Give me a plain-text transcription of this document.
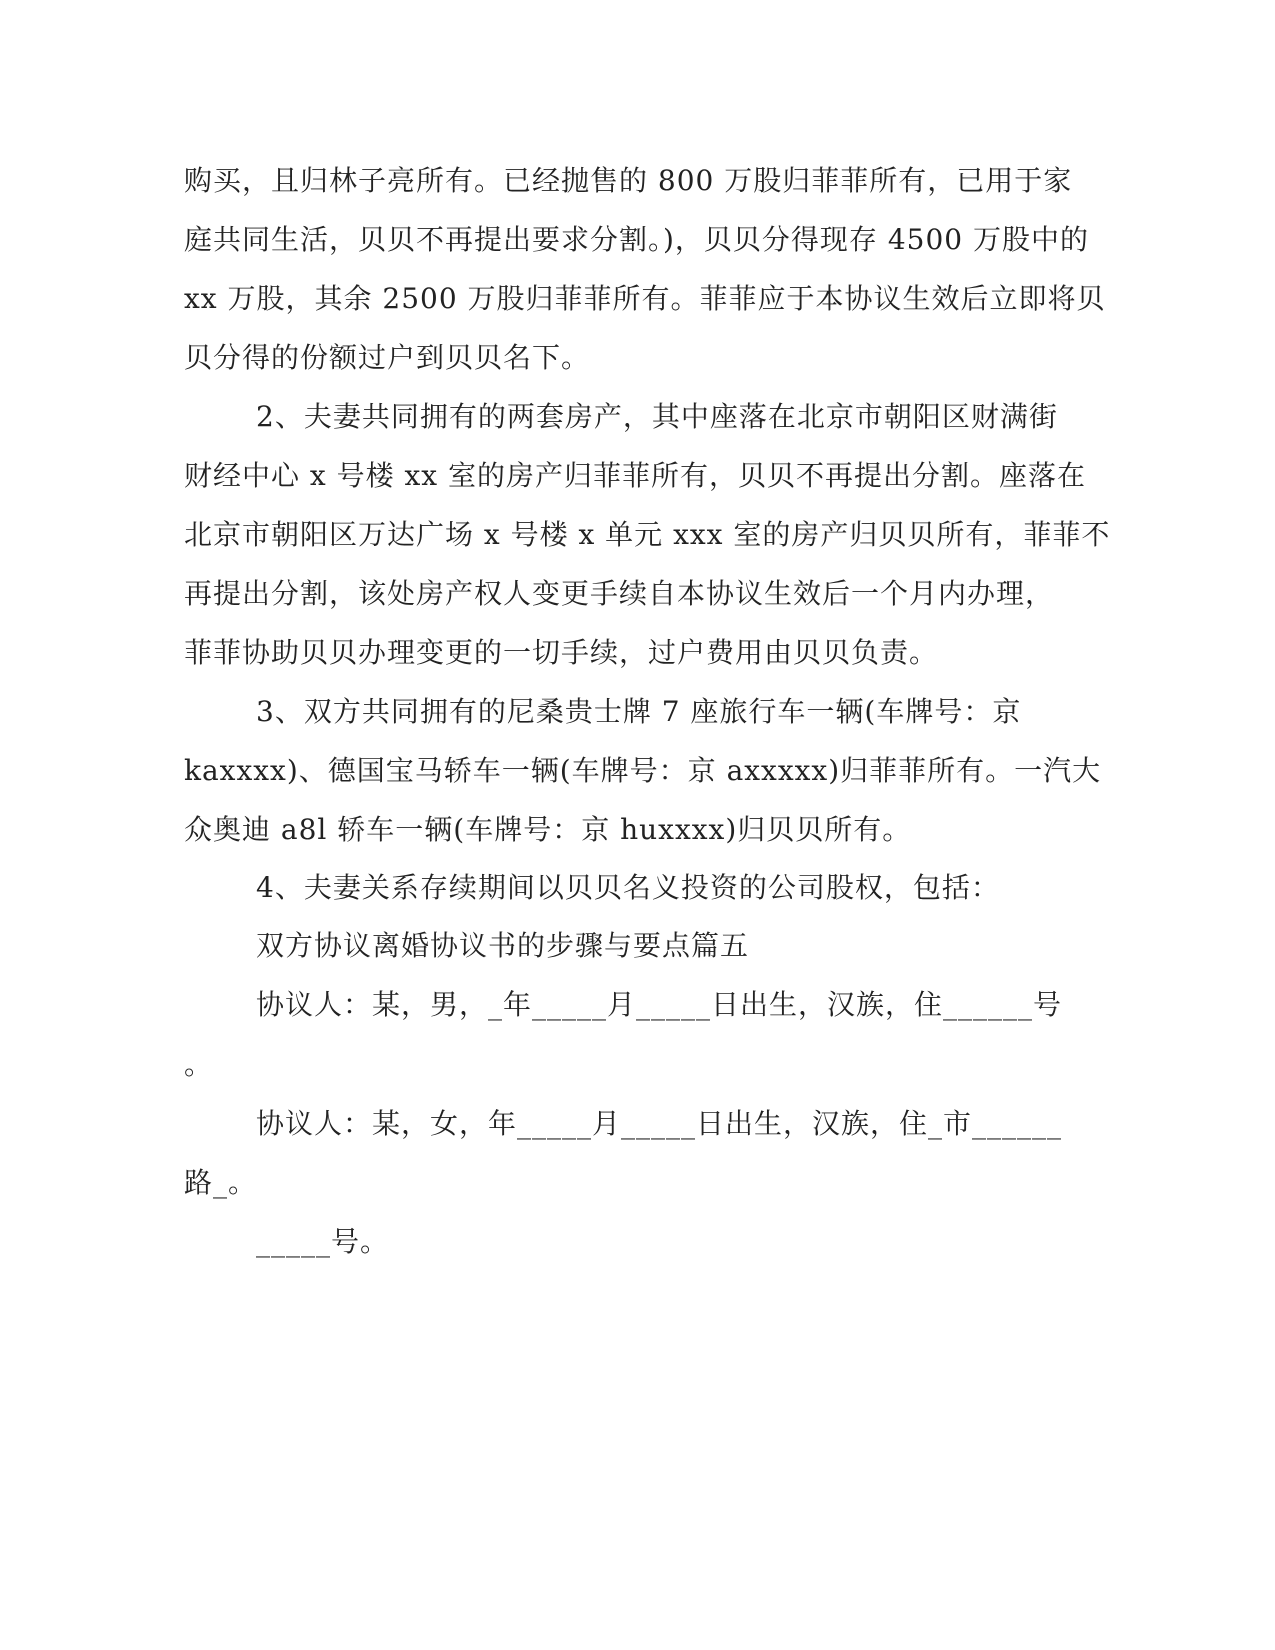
购买，且归林子亮所有。已经抛售的 800 万股归菲菲所有，已用于家
庭共同生活，贝贝不再提出要求分割。)，贝贝分得现存 4500 万股中的
xx 万股，其余 2500 万股归菲菲所有。菲菲应于本协议生效后立即将贝
贝分得的份额过户到贝贝名下。
2、夫妻共同拥有的两套房产，其中座落在北京市朝阳区财满街
财经中心 x 号楼 xx 室的房产归菲菲所有，贝贝不再提出分割。座落在
北京市朝阳区万达广场 x 号楼 x 单元 xxx 室的房产归贝贝所有，菲菲不
再提出分割，该处房产权人变更手续自本协议生效后一个月内办理，
菲菲协助贝贝办理变更的一切手续，过户费用由贝贝负责。
3、双方共同拥有的尼桑贵士牌 7 座旅行车一辆(车牌号：京
kaxxxx)、德国宝马轿车一辆(车牌号：京 axxxxx)归菲菲所有。一汽大
众奥迪 a8l 轿车一辆(车牌号：京 huxxxx)归贝贝所有。
4、夫妻关系存续期间以贝贝名义投资的公司股权，包括：
双方协议离婚协议书的步骤与要点篇五
协议人：某，男，_年_____月_____日出生，汉族，住______号
。
协议人：某，女，年_____月_____日出生，汉族，住_市______
路_。
_____号。
